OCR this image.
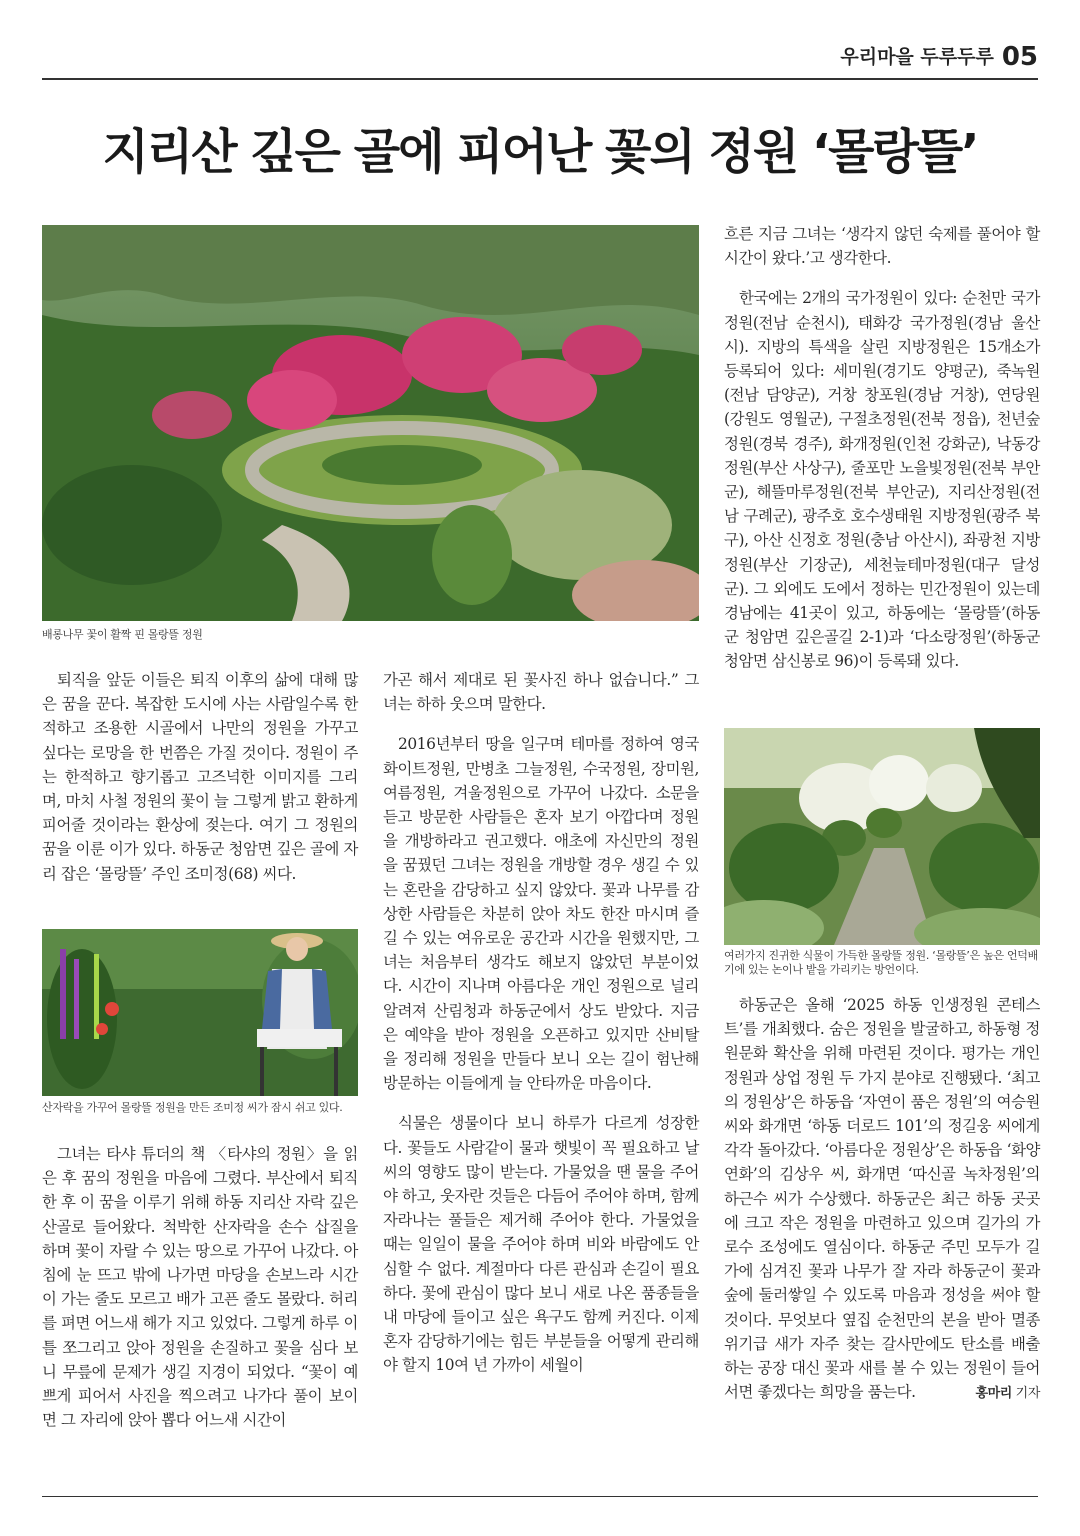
우리마을 두루두루 05
지리산 깊은 골에 피어난 꽃의 정원 ‘몰랑뜰’
배롱나무 꽃이 활짝 핀 몰랑뜰 정원

퇴직을 앞둔 이들은 퇴직 이후의 삶에 대해 많은 꿈을 꾼다. 복잡한 도시에 사는 사람일수록 한적하고 조용한 시골에서 나만의 정원을 가꾸고 싶다는 로망을 한 번쯤은 가질 것이다. 정원이 주는 한적하고 향기롭고 고즈넉한 이미지를 그리며, 마치 사철 정원의 꽃이 늘 그렇게 밝고 환하게 피어줄 것이라는 환상에 젖는다. 여기 그 정원의 꿈을 이룬 이가 있다. 하동군 청암면 깊은 골에 자리 잡은 ‘몰랑뜰’ 주인 조미정(68) 씨다.

산자락을 가꾸어 몰랑뜰 정원을 만든 조미정 씨가 잠시 쉬고 있다.

그녀는 타샤 튜더의 책 〈타샤의 정원〉을 읽은 후 꿈의 정원을 마음에 그렸다. 부산에서 퇴직한 후 이 꿈을 이루기 위해 하동 지리산 자락 깊은 산골로 들어왔다. 척박한 산자락을 손수 삽질을 하며 꽃이 자랄 수 있는 땅으로 가꾸어 나갔다. 아침에 눈 뜨고 밖에 나가면 마당을 손보느라 시간이 가는 줄도 모르고 배가 고픈 줄도 몰랐다. 허리를 펴면 어느새 해가 지고 있었다. 그렇게 하루 이틀 쪼그리고 앉아 정원을 손질하고 꽃을 심다 보니 무릎에 문제가 생길 지경이 되었다. “꽃이 예쁘게 피어서 사진을 찍으려고 나가다 풀이 보이면 그 자리에 앉아 뽑다 어느새 시간이

가곤 해서 제대로 된 꽃사진 하나 없습니다.” 그녀는 하하 웃으며 말한다.

2016년부터 땅을 일구며 테마를 정하여 영국 화이트정원, 만병초 그늘정원, 수국정원, 장미원, 여름정원, 겨울정원으로 가꾸어 나갔다. 소문을 듣고 방문한 사람들은 혼자 보기 아깝다며 정원을 개방하라고 권고했다. 애초에 자신만의 정원을 꿈꿨던 그녀는 정원을 개방할 경우 생길 수 있는 혼란을 감당하고 싶지 않았다. 꽃과 나무를 감상한 사람들은 차분히 앉아 차도 한잔 마시며 즐길 수 있는 여유로운 공간과 시간을 원했지만, 그녀는 처음부터 생각도 해보지 않았던 부분이었다. 시간이 지나며 아름다운 개인 정원으로 널리 알려져 산림청과 하동군에서 상도 받았다. 지금은 예약을 받아 정원을 오픈하고 있지만 산비탈을 정리해 정원을 만들다 보니 오는 길이 험난해 방문하는 이들에게 늘 안타까운 마음이다.

식물은 생물이다 보니 하루가 다르게 성장한다. 꽃들도 사람같이 물과 햇빛이 꼭 필요하고 날씨의 영향도 많이 받는다. 가물었을 땐 물을 주어야 하고, 웃자란 것들은 다듬어 주어야 하며, 함께 자라나는 풀들은 제거해 주어야 한다. 가물었을 때는 일일이 물을 주어야 하며 비와 바람에도 안심할 수 없다. 계절마다 다른 관심과 손길이 필요하다. 꽃에 관심이 많다 보니 새로 나온 품종들을 내 마당에 들이고 싶은 욕구도 함께 커진다. 이제 혼자 감당하기에는 힘든 부분들을 어떻게 관리해야 할지 10여 년 가까이 세월이

흐른 지금 그녀는 ‘생각지 않던 숙제를 풀어야 할 시간이 왔다.’고 생각한다.

한국에는 2개의 국가정원이 있다: 순천만 국가정원(전남 순천시), 태화강 국가정원(경남 울산시). 지방의 특색을 살린 지방정원은 15개소가 등록되어 있다: 세미원(경기도 양평군), 죽녹원(전남 담양군), 거창 창포원(경남 거창), 연당원(강원도 영월군), 구절초정원(전북 정읍), 천년숲정원(경북 경주), 화개정원(인천 강화군), 낙동강정원(부산 사상구), 줄포만 노을빛정원(전북 부안군), 해뜰마루정원(전북 부안군), 지리산정원(전남 구례군), 광주호 호수생태원 지방정원(광주 북구), 아산 신정호 정원(충남 아산시), 좌광천 지방정원(부산 기장군), 세천늪테마정원(대구 달성군). 그 외에도 도에서 정하는 민간정원이 있는데 경남에는 41곳이 있고, 하동에는 ‘몰랑뜰’(하동군 청암면 깊은골길 2-1)과 ‘다소랑정원’(하동군 청암면 삼신봉로 96)이 등록돼 있다.

여러가지 진귀한 식물이 가득한 몰랑뜰 정원. ‘몰랑뜰’은 높은 언덕배기에 있는 논이나 밭을 가리키는 방언이다.

하동군은 올해 ‘2025 하동 인생정원 콘테스트’를 개최했다. 숨은 정원을 발굴하고, 하동형 정원문화 확산을 위해 마련된 것이다. 평가는 개인 정원과 상업 정원 두 가지 분야로 진행됐다. ‘최고의 정원상’은 하동읍 ‘자연이 품은 정원’의 여승원 씨와 화개면 ‘하동 더로드 101’의 정길웅 씨에게 각각 돌아갔다. ‘아름다운 정원상’은 하동읍 ‘화양연화’의 김상우 씨, 화개면 ‘따신골 녹차정원’의 하근수 씨가 수상했다. 하동군은 최근 하동 곳곳에 크고 작은 정원을 마련하고 있으며 길가의 가로수 조성에도 열심이다. 하동군 주민 모두가 길가에 심겨진 꽃과 나무가 잘 자라 하동군이 꽃과 숲에 둘러쌓일 수 있도록 마음과 정성을 써야 할 것이다. 무엇보다 옆집 순천만의 본을 받아 멸종 위기급 새가 자주 찾는 갈사만에도 탄소를 배출하는 공장 대신 꽃과 새를 볼 수 있는 정원이 들어서면 좋겠다는 희망을 품는다.	홍마리 기자
